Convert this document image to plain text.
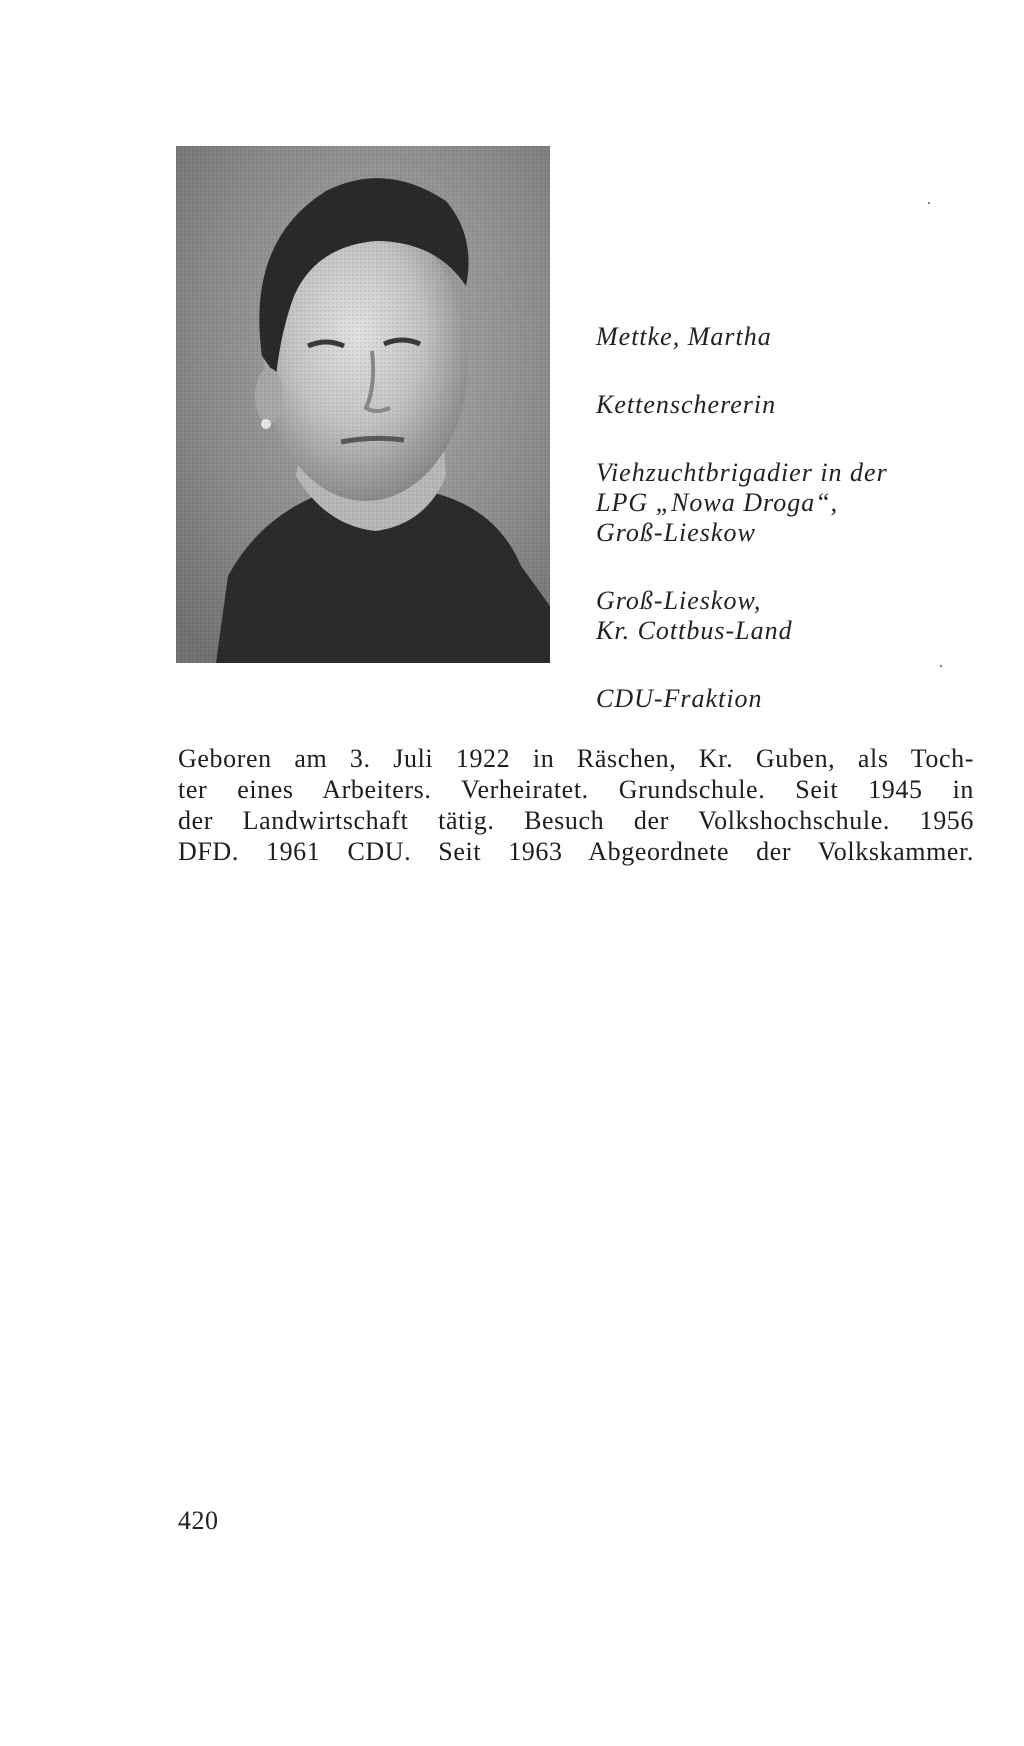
Mettke, Martha
Kettenschererin
Viehzuchtbrigadier in der
LPG „Nowa Droga“,
Groß-Lieskow
Groß-Lieskow,
Kr. Cottbus-Land
CDU-Fraktion
Geboren am 3. Juli 1922 in Räschen, Kr. Guben, als Toch-
ter eines Arbeiters. Verheiratet. Grundschule. Seit 1945 in
der Landwirtschaft tätig. Besuch der Volkshochschule. 1956
DFD. 1961 CDU. Seit 1963 Abgeordnete der Volkskammer.
420
